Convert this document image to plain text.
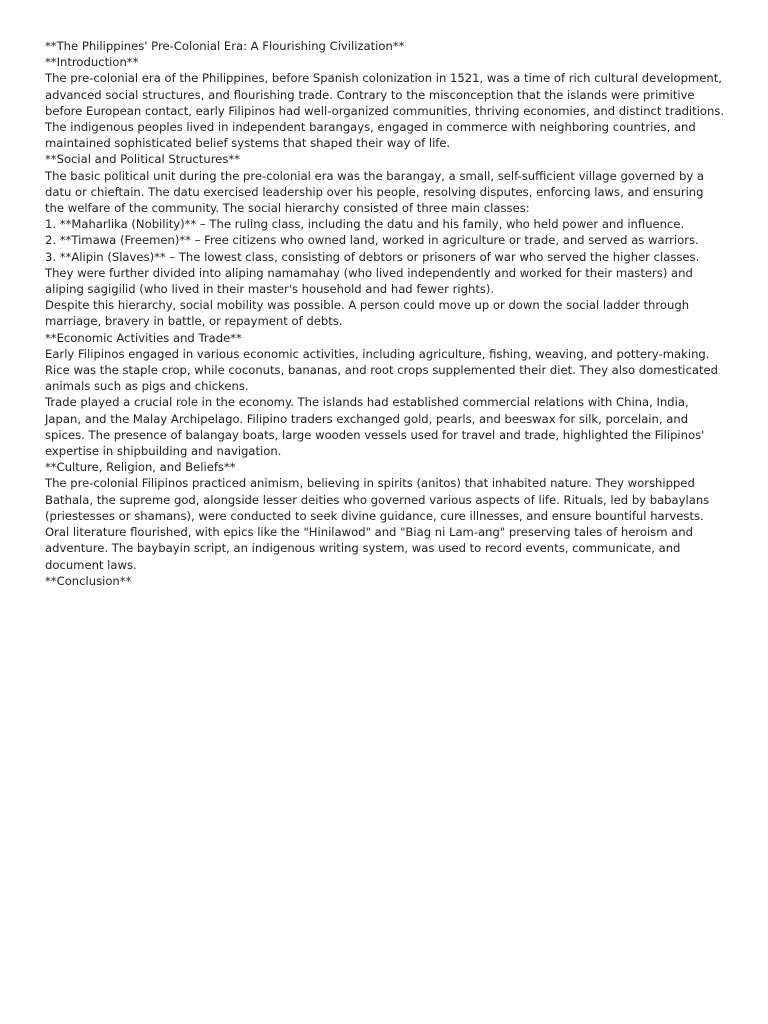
**The Philippines' Pre-Colonial Era: A Flourishing Civilization**

**Introduction**

The pre-colonial era of the Philippines, before Spanish colonization in 1521, was a time of rich cultural development, advanced social structures, and flourishing trade. Contrary to the misconception that the islands were primitive before European contact, early Filipinos had well-organized communities, thriving economies, and distinct traditions. The indigenous peoples lived in independent barangays, engaged in commerce with neighboring countries, and maintained sophisticated belief systems that shaped their way of life.

**Social and Political Structures**

The basic political unit during the pre-colonial era was the barangay, a small, self-sufficient village governed by a datu or chieftain. The datu exercised leadership over his people, resolving disputes, enforcing laws, and ensuring the welfare of the community. The social hierarchy consisted of three main classes:

1. **Maharlika (Nobility)** – The ruling class, including the datu and his family, who held power and influence.

2. **Timawa (Freemen)** – Free citizens who owned land, worked in agriculture or trade, and served as warriors.

3. **Alipin (Slaves)** – The lowest class, consisting of debtors or prisoners of war who served the higher classes. They were further divided into aliping namamahay (who lived independently and worked for their masters) and aliping sagigilid (who lived in their master's household and had fewer rights).

Despite this hierarchy, social mobility was possible. A person could move up or down the social ladder through marriage, bravery in battle, or repayment of debts.

**Economic Activities and Trade**

Early Filipinos engaged in various economic activities, including agriculture, fishing, weaving, and pottery-making. Rice was the staple crop, while coconuts, bananas, and root crops supplemented their diet. They also domesticated animals such as pigs and chickens.

Trade played a crucial role in the economy. The islands had established commercial relations with China, India, Japan, and the Malay Archipelago. Filipino traders exchanged gold, pearls, and beeswax for silk, porcelain, and spices. The presence of balangay boats, large wooden vessels used for travel and trade, highlighted the Filipinos' expertise in shipbuilding and navigation.

**Culture, Religion, and Beliefs**

The pre-colonial Filipinos practiced animism, believing in spirits (anitos) that inhabited nature. They worshipped Bathala, the supreme god, alongside lesser deities who governed various aspects of life. Rituals, led by babaylans (priestesses or shamans), were conducted to seek divine guidance, cure illnesses, and ensure bountiful harvests.

Oral literature flourished, with epics like the "Hinilawod" and "Biag ni Lam-ang" preserving tales of heroism and adventure. The baybayin script, an indigenous writing system, was used to record events, communicate, and document laws.

**Conclusion**
